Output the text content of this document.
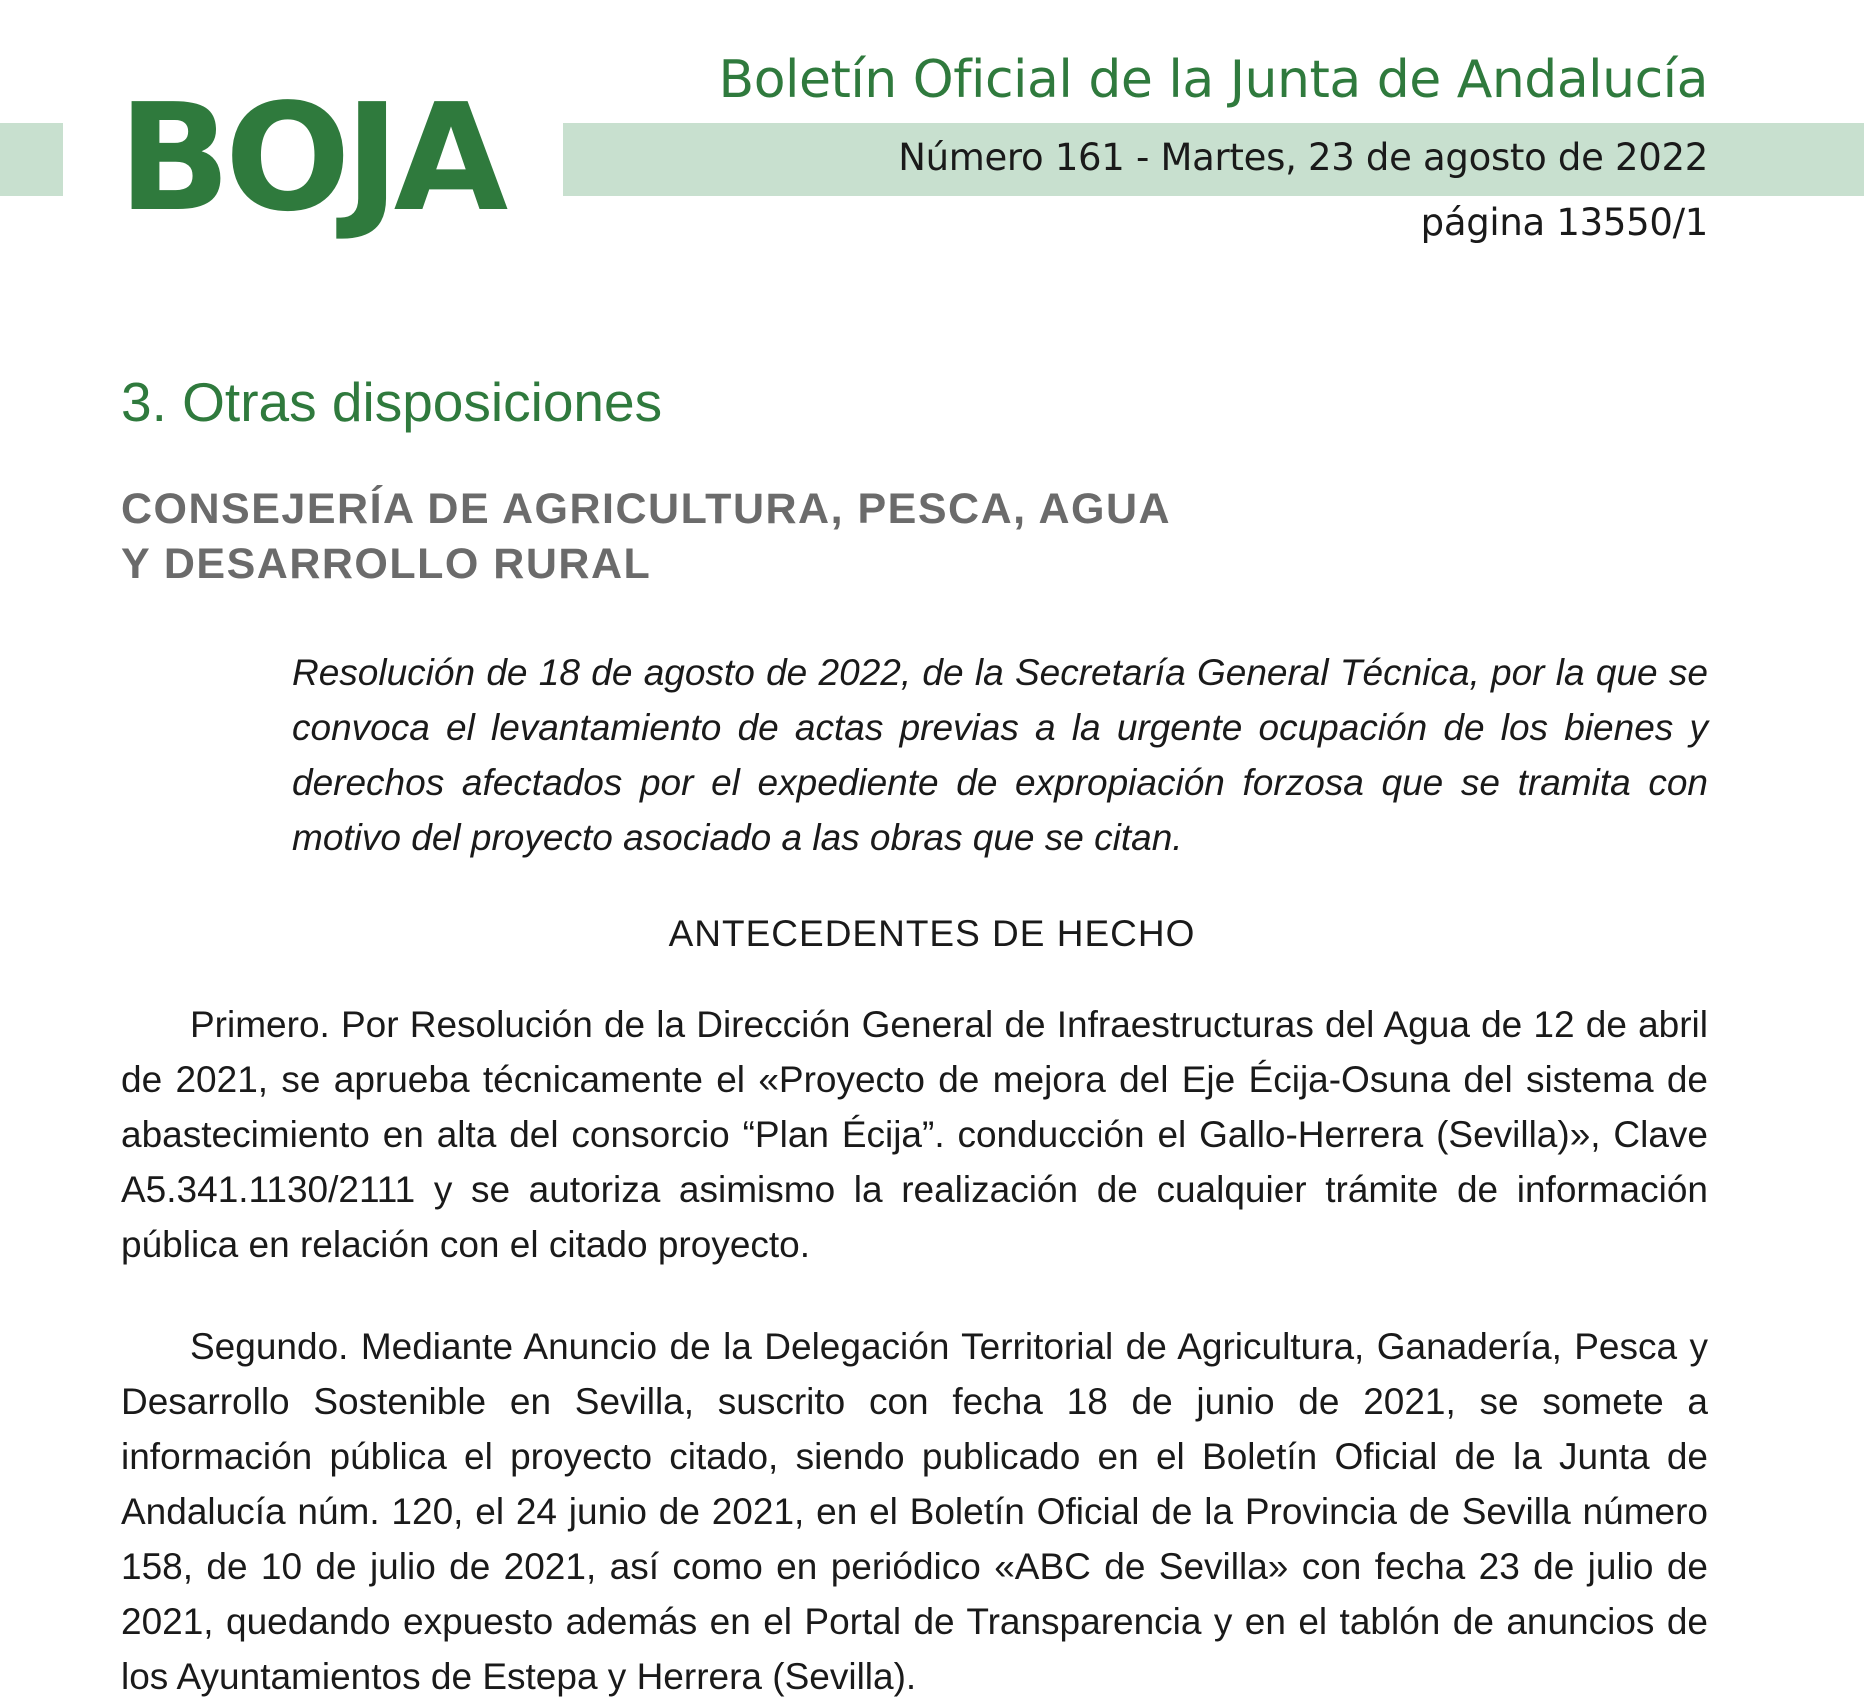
BOJA	Boletín Oficial de la Junta de Andalucía
Número 161 - Martes, 23 de agosto de 2022
página 13550/1
3. Otras disposiciones
CONSEJERÍA DE AGRICULTURA, PESCA, AGUA
Y DESARROLLO RURAL
Resolución de 18 de agosto de 2022, de la Secretaría General Técnica, por la que se convoca el levantamiento de actas previas a la urgente ocupación de los bienes y derechos afectados por el expediente de expropiación forzosa que se tramita con motivo del proyecto asociado a las obras que se citan.
ANTECEDENTES DE HECHO
Primero. Por Resolución de la Dirección General de Infraestructuras del Agua de 12 de abril de 2021, se aprueba técnicamente el «Proyecto de mejora del Eje Écija-Osuna del sistema de abastecimiento en alta del consorcio “Plan Écija”. conducción el Gallo-Herrera (Sevilla)», Clave A5.341.1130/2111 y se autoriza asimismo la realización de cualquier trámite de información pública en relación con el citado proyecto.
Segundo. Mediante Anuncio de la Delegación Territorial de Agricultura, Ganadería, Pesca y Desarrollo Sostenible en Sevilla, suscrito con fecha 18 de junio de 2021, se somete a información pública el proyecto citado, siendo publicado en el Boletín Oficial de la Junta de Andalucía núm. 120, el 24 junio de 2021, en el Boletín Oficial de la Provincia de Sevilla número 158, de 10 de julio de 2021, así como en periódico «ABC de Sevilla» con fecha 23 de julio de 2021, quedando expuesto además en el Portal de Transparencia y en el tablón de anuncios de los Ayuntamientos de Estepa y Herrera (Sevilla).
